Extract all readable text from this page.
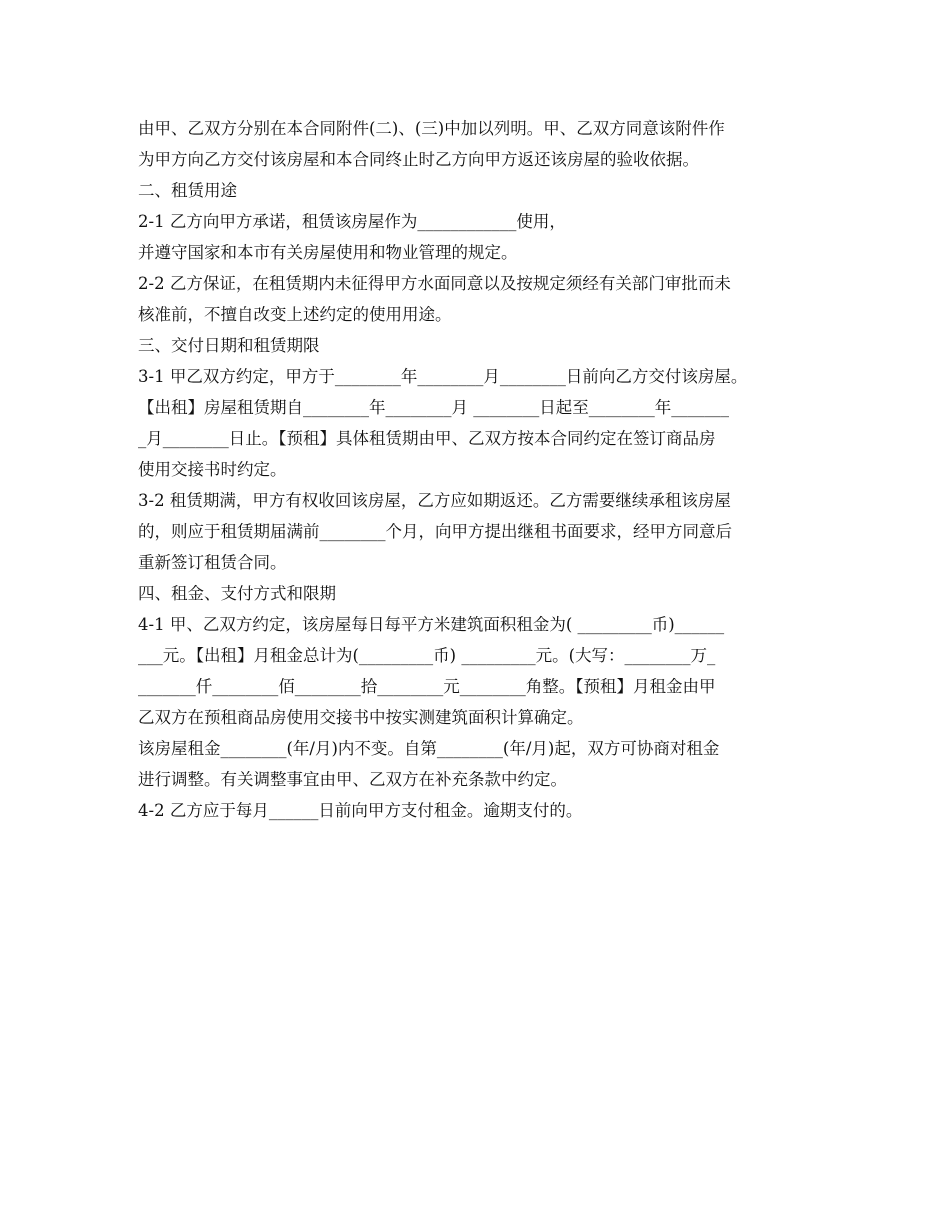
由甲、乙双方分别在本合同附件(二)、(三)中加以列明。甲、乙双方同意该附件作
为甲方向乙方交付该房屋和本合同终止时乙方向甲方返还该房屋的验收依据。
二、租赁用途
2-1 乙方向甲方承诺，租赁该房屋作为____________使用，
并遵守国家和本市有关房屋使用和物业管理的规定。
2-2 乙方保证，在租赁期内未征得甲方水面同意以及按规定须经有关部门审批而未
核准前，不擅自改变上述约定的使用用途。
三、交付日期和租赁期限
3-1 甲乙双方约定，甲方于________年________月________日前向乙方交付该房屋。
【出租】房屋租赁期自________年________月 ________日起至________年_______
_月________日止。【预租】具体租赁期由甲、乙双方按本合同约定在签订商品房
使用交接书时约定。
3-2 租赁期满，甲方有权收回该房屋，乙方应如期返还。乙方需要继续承租该房屋
的，则应于租赁期届满前________个月，向甲方提出继租书面要求，经甲方同意后
重新签订租赁合同。
四、租金、支付方式和限期
4-1 甲、乙双方约定，该房屋每日每平方米建筑面积租金为( _________币)______
___元。【出租】月租金总计为(_________币) _________元。(大写：________万_
_______仟________佰________拾________元________角整。【预租】月租金由甲
乙双方在预租商品房使用交接书中按实测建筑面积计算确定。
该房屋租金________(年/月)内不变。自第________(年/月)起，双方可协商对租金
进行调整。有关调整事宜由甲、乙双方在补充条款中约定。
4-2 乙方应于每月______日前向甲方支付租金。逾期支付的。
